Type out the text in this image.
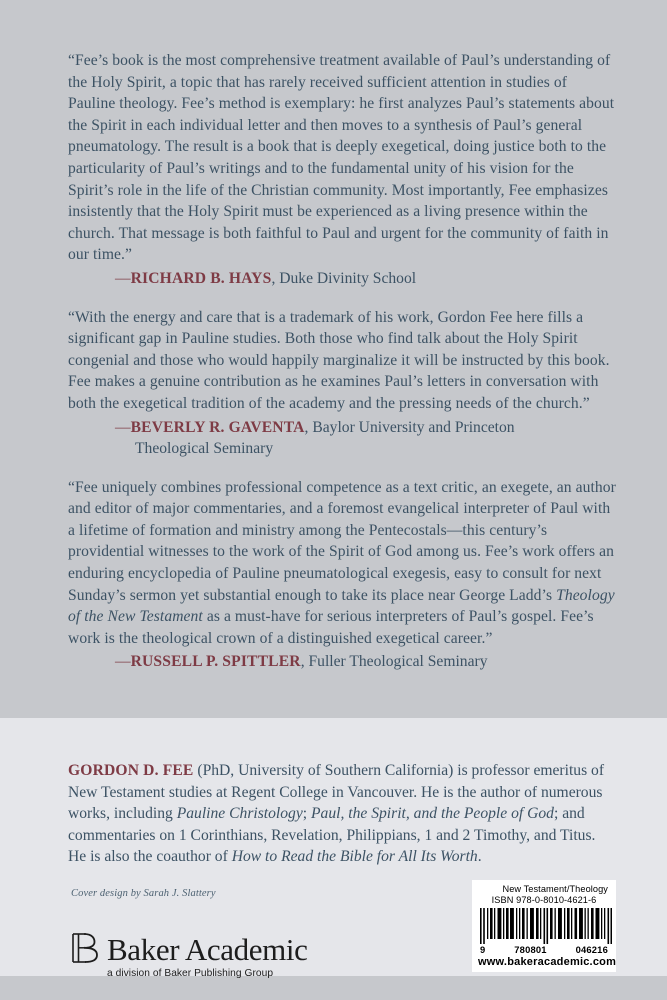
“Fee’s book is the most comprehensive treatment available of Paul’s understanding of the Holy Spirit, a topic that has rarely received sufficient attention in studies of Pauline theology. Fee’s method is exemplary: he first analyzes Paul’s statements about the Spirit in each individual letter and then moves to a synthesis of Paul’s general pneumatology. The result is a book that is deeply exegetical, doing justice both to the particularity of Paul’s writings and to the fundamental unity of his vision for the Spirit’s role in the life of the Christian community. Most importantly, Fee emphasizes insistently that the Holy Spirit must be experienced as a living presence within the church. That message is both faithful to Paul and urgent for the community of faith in our time.”

—RICHARD B. HAYS, Duke Divinity School

“With the energy and care that is a trademark of his work, Gordon Fee here fills a significant gap in Pauline studies. Both those who find talk about the Holy Spirit congenial and those who would happily marginalize it will be instructed by this book. Fee makes a genuine contribution as he examines Paul’s letters in conversation with both the exegetical tradition of the academy and the pressing needs of the church.”

—BEVERLY R. GAVENTA, Baylor University and Princeton
Theological Seminary

“Fee uniquely combines professional competence as a text critic, an exegete, an author and editor of major commentaries, and a foremost evangelical interpreter of Paul with a lifetime of formation and ministry among the Pentecostals—this century’s providential witnesses to the work of the Spirit of God among us. Fee’s work offers an enduring encyclopedia of Pauline pneumatological exegesis, easy to consult for next Sunday’s sermon yet substantial enough to take its place near George Ladd’s Theology of the New Testament as a must-have for serious interpreters of Paul’s gospel. Fee’s work is the theological crown of a distinguished exegetical career.”

—RUSSELL P. SPITTLER, Fuller Theological Seminary

GORDON D. FEE (PhD, University of Southern California) is professor emeritus of New Testament studies at Regent College in Vancouver. He is the author of numerous works, including Pauline Christology; Paul, the Spirit, and the People of God; and commentaries on 1 Corinthians, Revelation, Philippians, 1 and 2 Timothy, and Titus. He is also the coauthor of How to Read the Bible for All Its Worth.

Cover design by Sarah J. Slattery
Baker Academic
a division of Baker Publishing Group
New Testament/Theology
ISBN 978-0-8010-4621-6
9	780801	046216
www.bakeracademic.com
